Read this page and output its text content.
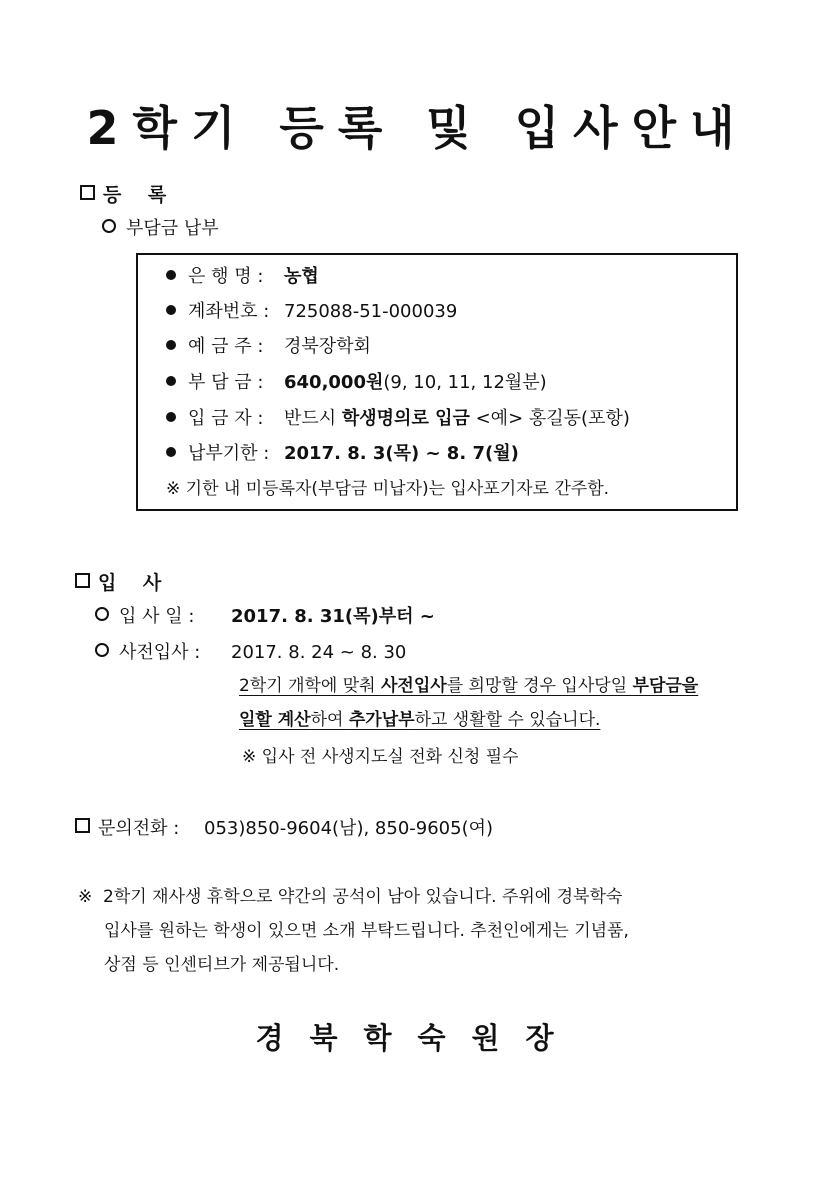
2학기 등록 및 입사안내
등    록
부담금 납부
은 행 명 : 농협
계좌번호 : 725088-51-000039
예 금 주 : 경북장학회
부 담 금 : 640,000원(9, 10, 11, 12월분)
입 금 자 : 반드시 학생명의로 입금 <예> 홍길동(포항)
납부기한 : 2017. 8. 3(목) ~ 8. 7(월)
※ 기한 내 미등록자(부담금 미납자)는 입사포기자로 간주함.
입    사
입 사 일 : 2017. 8. 31(목)부터 ~
사전입사 : 2017. 8. 24 ~ 8. 30
2학기 개학에 맞춰 사전입사를 희망할 경우 입사당일 부담금을
일할 계산하여 추가납부하고 생활할 수 있습니다.
※ 입사 전 사생지도실 전화 신청 필수
문의전화 : 053)850-9604(남), 850-9605(여)
※  2학기 재사생 휴학으로 약간의 공석이 남아 있습니다. 주위에 경북학숙
입사를 원하는 학생이 있으면 소개 부탁드립니다. 추천인에게는 기념품,
상점 등 인센티브가 제공됩니다.
경북학숙원장
